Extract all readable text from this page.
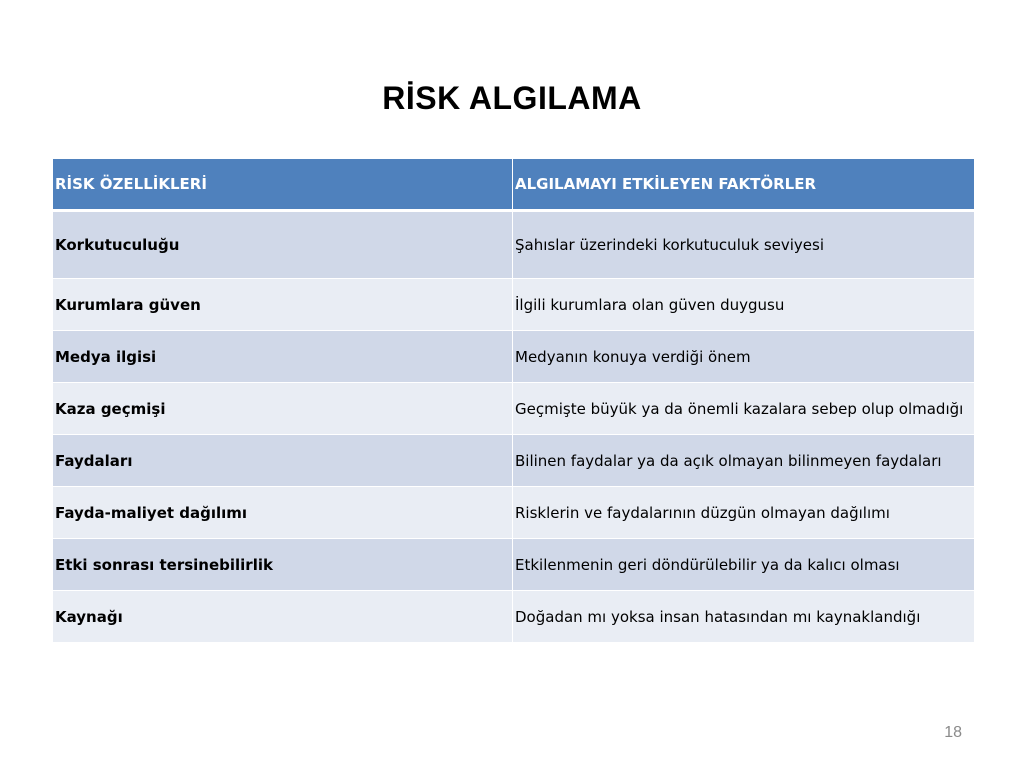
RİSK ALGILAMA
RİSK ÖZELLİKLERİ	ALGILAMAYI ETKİLEYEN FAKTÖRLER
Korkutuculuğu	Şahıslar üzerindeki korkutuculuk seviyesi
Kurumlara güven	İlgili kurumlara olan güven duygusu
Medya ilgisi	Medyanın konuya verdiği önem
Kaza geçmişi	Geçmişte büyük ya da önemli kazalara sebep olup olmadığı
Faydaları	Bilinen faydalar ya da açık olmayan bilinmeyen faydaları
Fayda-maliyet dağılımı	Risklerin ve faydalarının düzgün olmayan dağılımı
Etki sonrası tersinebilirlik	Etkilenmenin geri döndürülebilir ya da kalıcı olması
Kaynağı	Doğadan mı yoksa insan hatasından mı kaynaklandığı
18
